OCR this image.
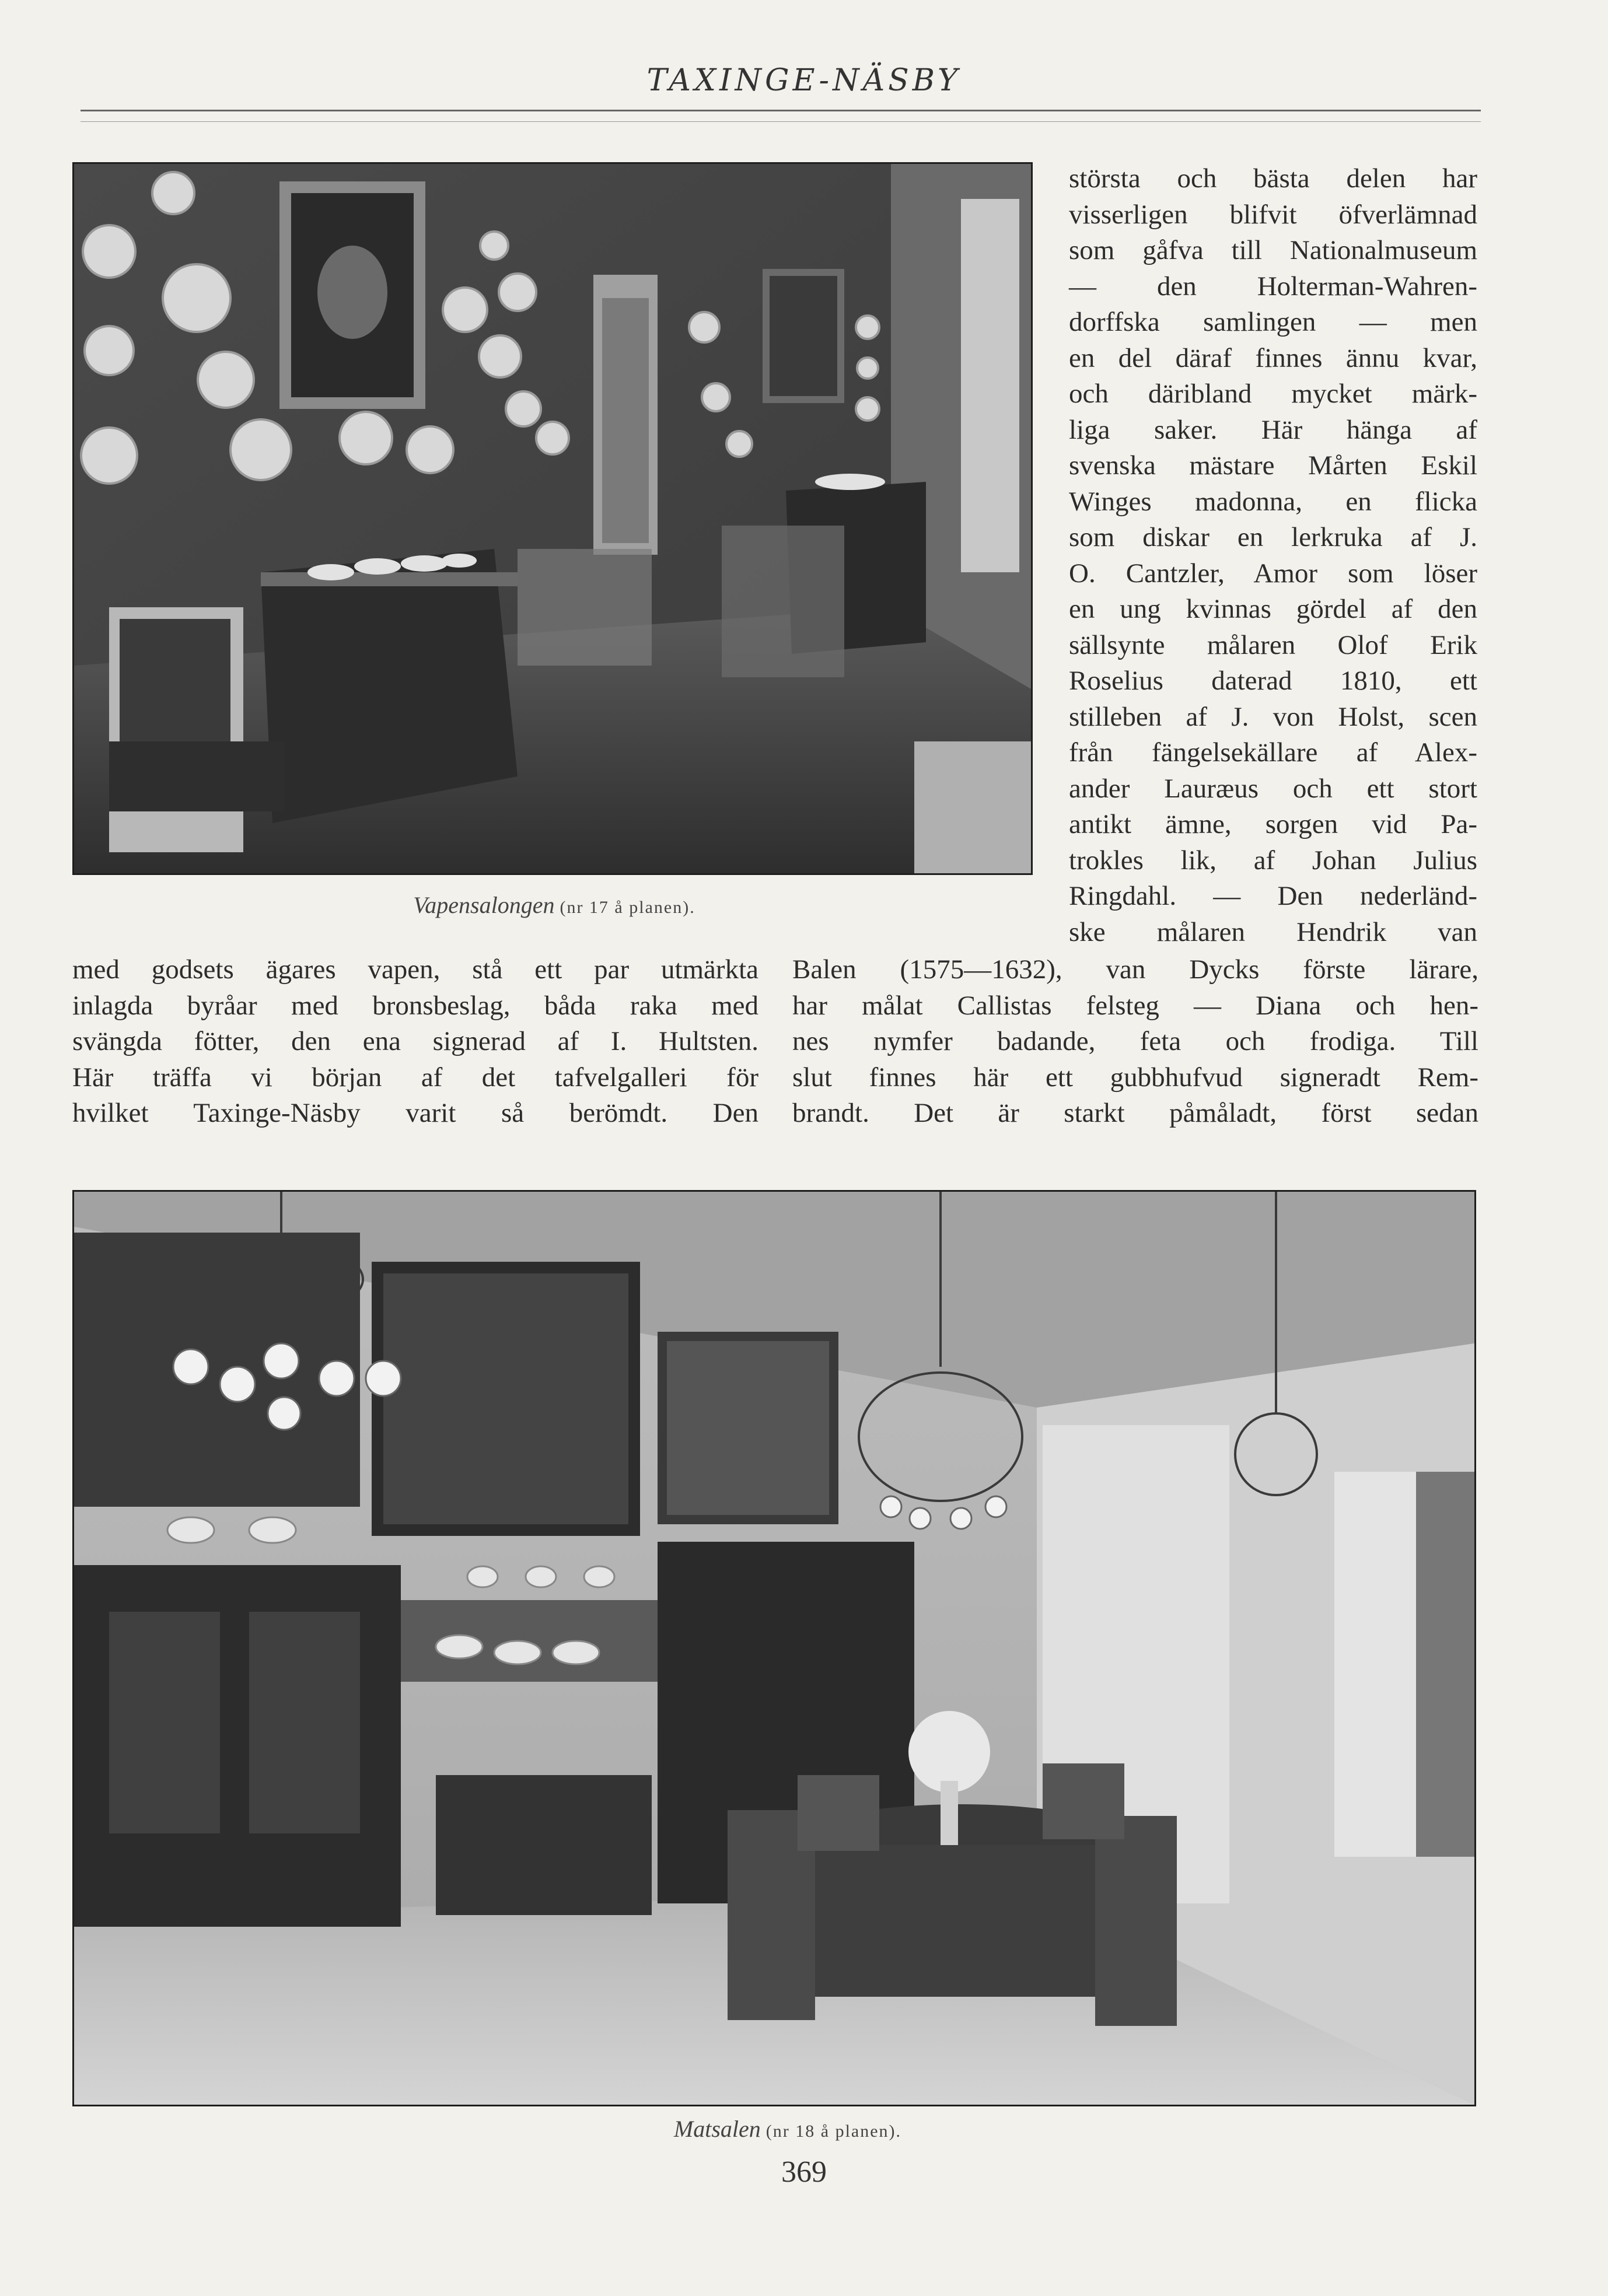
TAXINGE-NÄSBY
Vapensalongen (nr 17 å planen).
största och bästa delen har
visserligen blifvit öfverlämnad
som gåfva till Nationalmuseum
— den Holterman-Wahren-
dorffska samlingen — men
en del däraf finnes ännu kvar,
och däribland mycket märk-
liga saker. Här hänga af
svenska mästare Mårten Eskil
Winges madonna, en flicka
som diskar en lerkruka af J.
O. Cantzler, Amor som löser
en ung kvinnas gördel af den
sällsynte målaren Olof Erik
Roselius daterad 1810, ett
stilleben af J. von Holst, scen
från fängelsekällare af Alex-
ander Lauræus och ett stort
antikt ämne, sorgen vid Pa-
trokles lik, af Johan Julius
Ringdahl. — Den nederländ-
ske målaren Hendrik van
med godsets ägares vapen, stå ett par utmärkta
inlagda byråar med bronsbeslag, båda raka med
svängda fötter, den ena signerad af I. Hultsten.
Här träffa vi början af det tafvelgalleri för
hvilket Taxinge-Näsby varit så berömdt. Den
Balen (1575—1632), van Dycks förste lärare,
har målat Callistas felsteg — Diana och hen-
nes nymfer badande, feta och frodiga. Till
slut finnes här ett gubbhufvud signeradt Rem-
brandt. Det är starkt påmåladt, först sedan
Matsalen (nr 18 å planen).
369
